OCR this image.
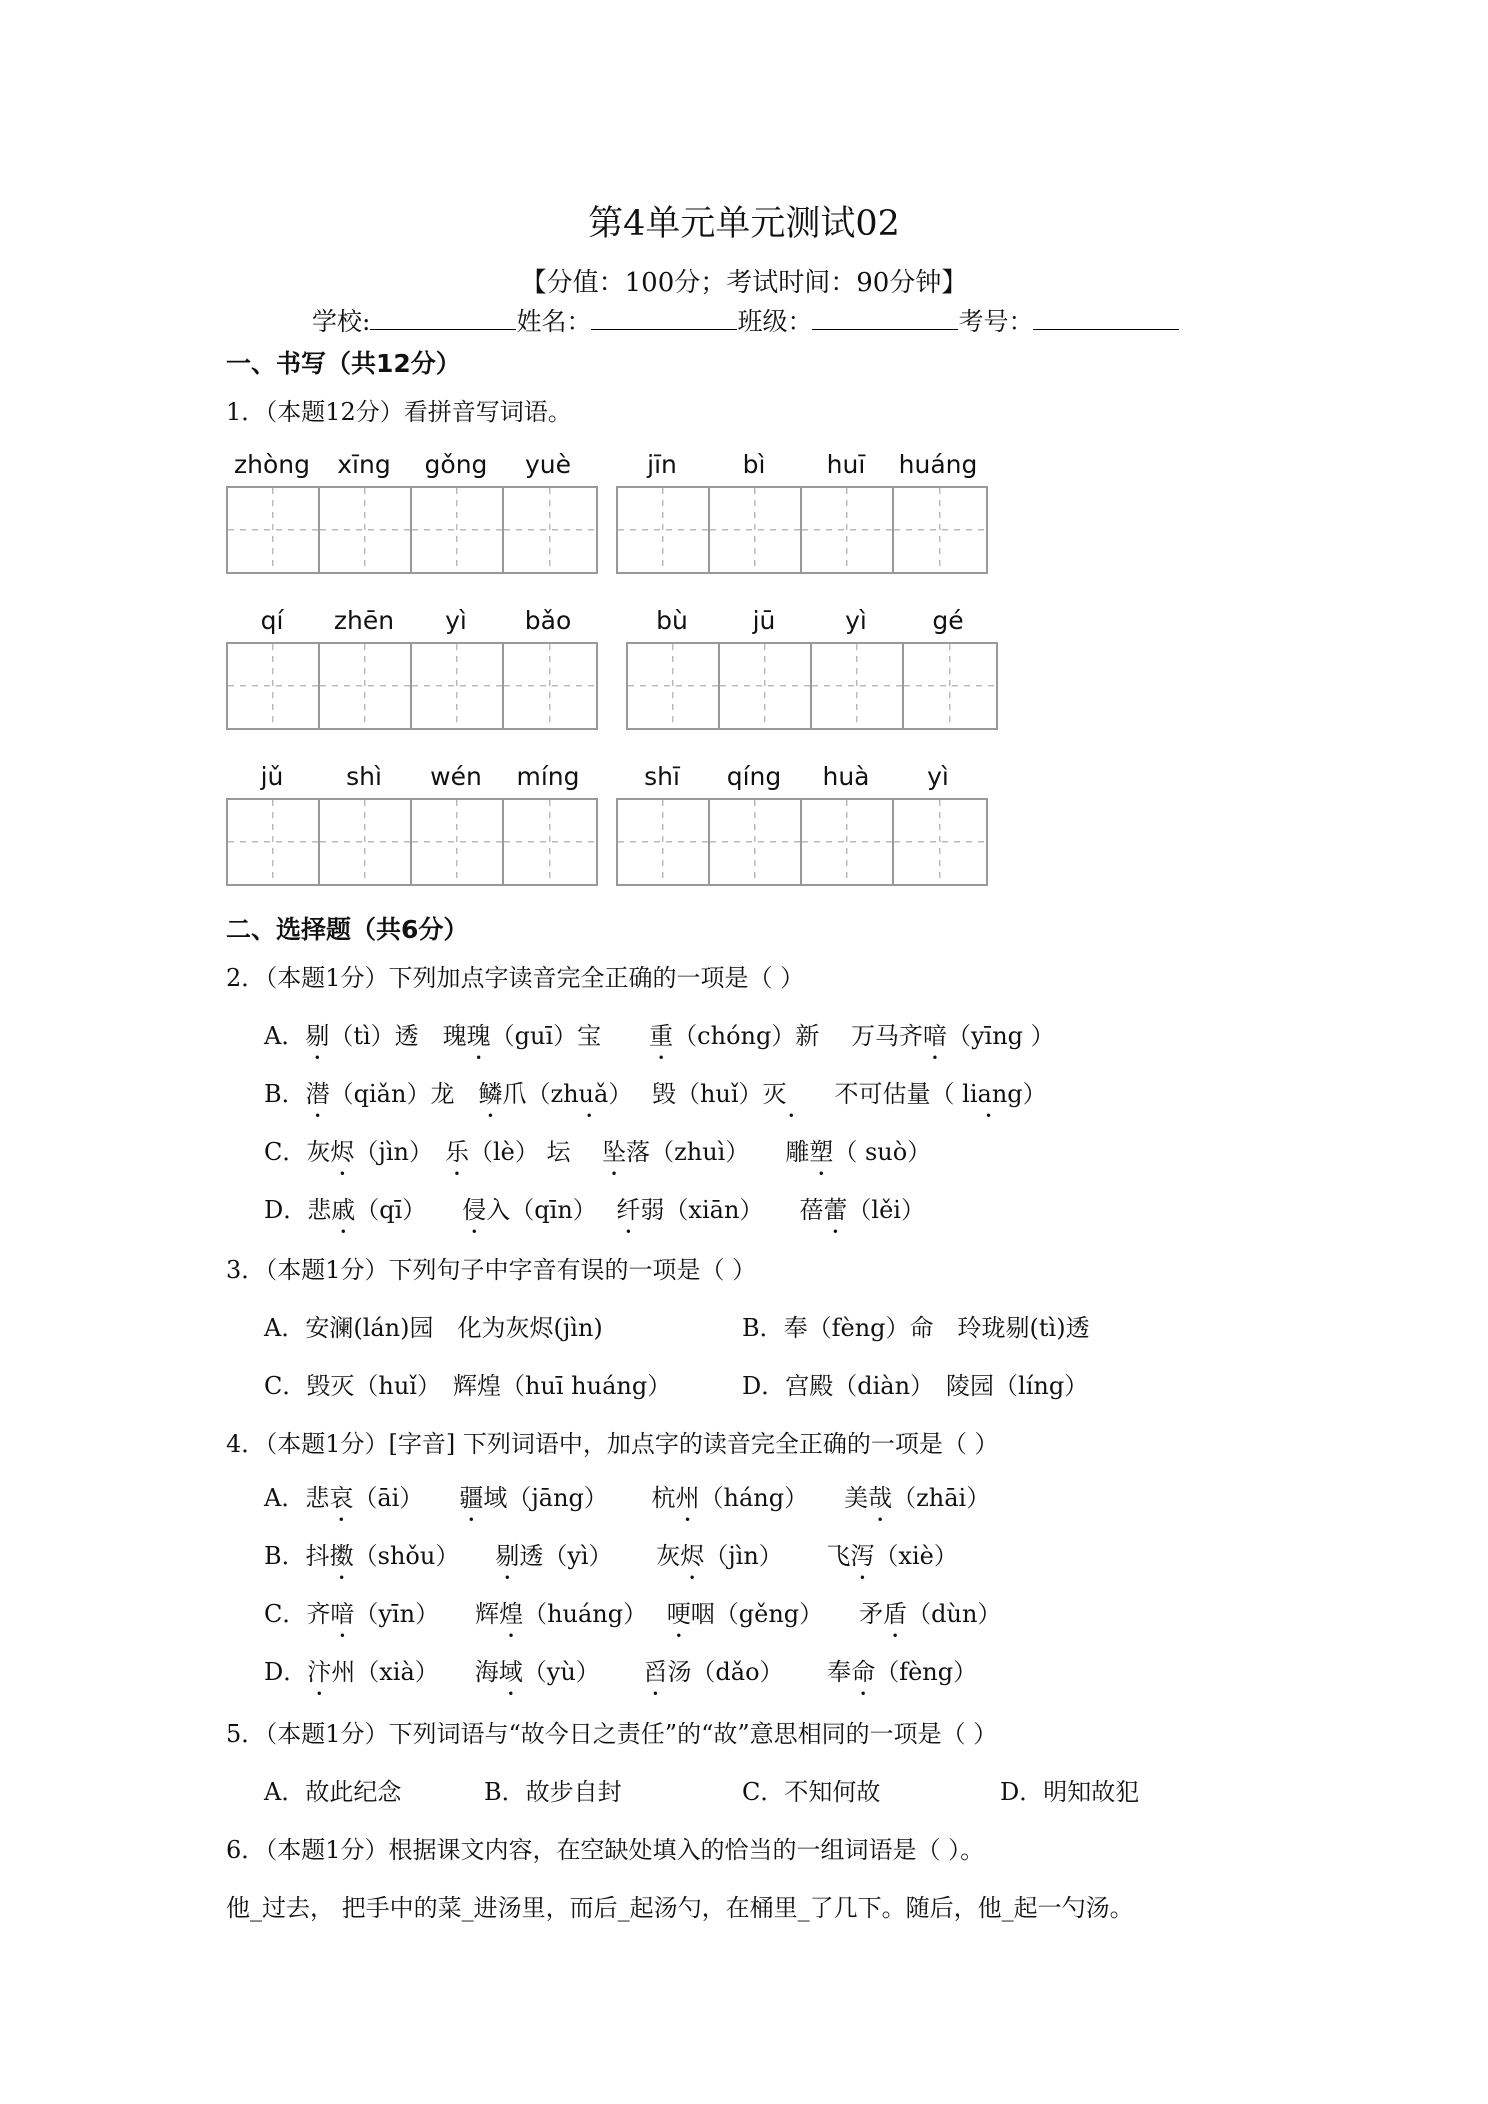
第4单元单元测试02
【分值：100分；考试时间：90分钟】
学校:	姓名：	班级：	考号：
一、书写（共12分）
1．（本题12分）看拼音写词语。
zhòng	xīng	gǒng	yuè	jīn	bì	huī	huáng
qí	zhēn	yì	bǎo	bù	jū	yì	gé
jǔ	shì	wén	míng	shī	qíng	huà	yì
二、选择题（共6分）
2．（本题1分）下列加点字读音完全正确的一项是（ ）
A．剔（tì）透　瑰瑰（guī）宝　　重（chóng）新　 万马齐喑（yīng ）
B．潜（qiǎn）龙　鳞爪（zhuǎ）　 •毁（huǐ）灭　　不可估 •量（ liang） •
C．灰烬（jìn）　乐（lè） 坛　 坠落（zhuì）　　雕塑（ suò）
D．悲戚（qī）　　侵入（qīn）　 纤弱（xiān）　　蓓蕾（lěi）
3．（本题1分）下列句子中字音有误的一项是（ ）
A．安澜(lán)园　化为灰烬(jìn)	B．奉（fèng）命　玲珑剔(tì)透
C．毁灭（huǐ）　辉煌（huī huáng）	D．宫殿（diàn）　陵园（líng）
4．（本题1分）[字音] 下列词语中，加点字的读音完全正确的一项是（ ）
A．悲哀（āi）　　疆域（jāng）　　 杭州（háng）　　美哉（zhāi）
B．抖擞（shǒu）　　剔透（yì）　　 灰烬（jìn）　　 飞泻（xiè）
C．齐喑（yīn）　　辉煌（huáng）　 哽咽（gěng）　　矛盾（dùn）
D．汴州（xià）　　海域（yù）　　 舀汤（dǎo）　　 奉命（fèng）
5．（本题1分）下列词语与“故今日之责任”的“故”意思相同的一项是（ ）
A．故此纪念	B．故步自封	C．不知何故	D．明知故犯
6．（本题1分）根据课文内容，在空缺处填入的恰当的一组词语是（ ）。
他_过去， 把手中的菜_进汤里，而后_起汤勺，在桶里_了几下。随后，他_起一勺汤。
